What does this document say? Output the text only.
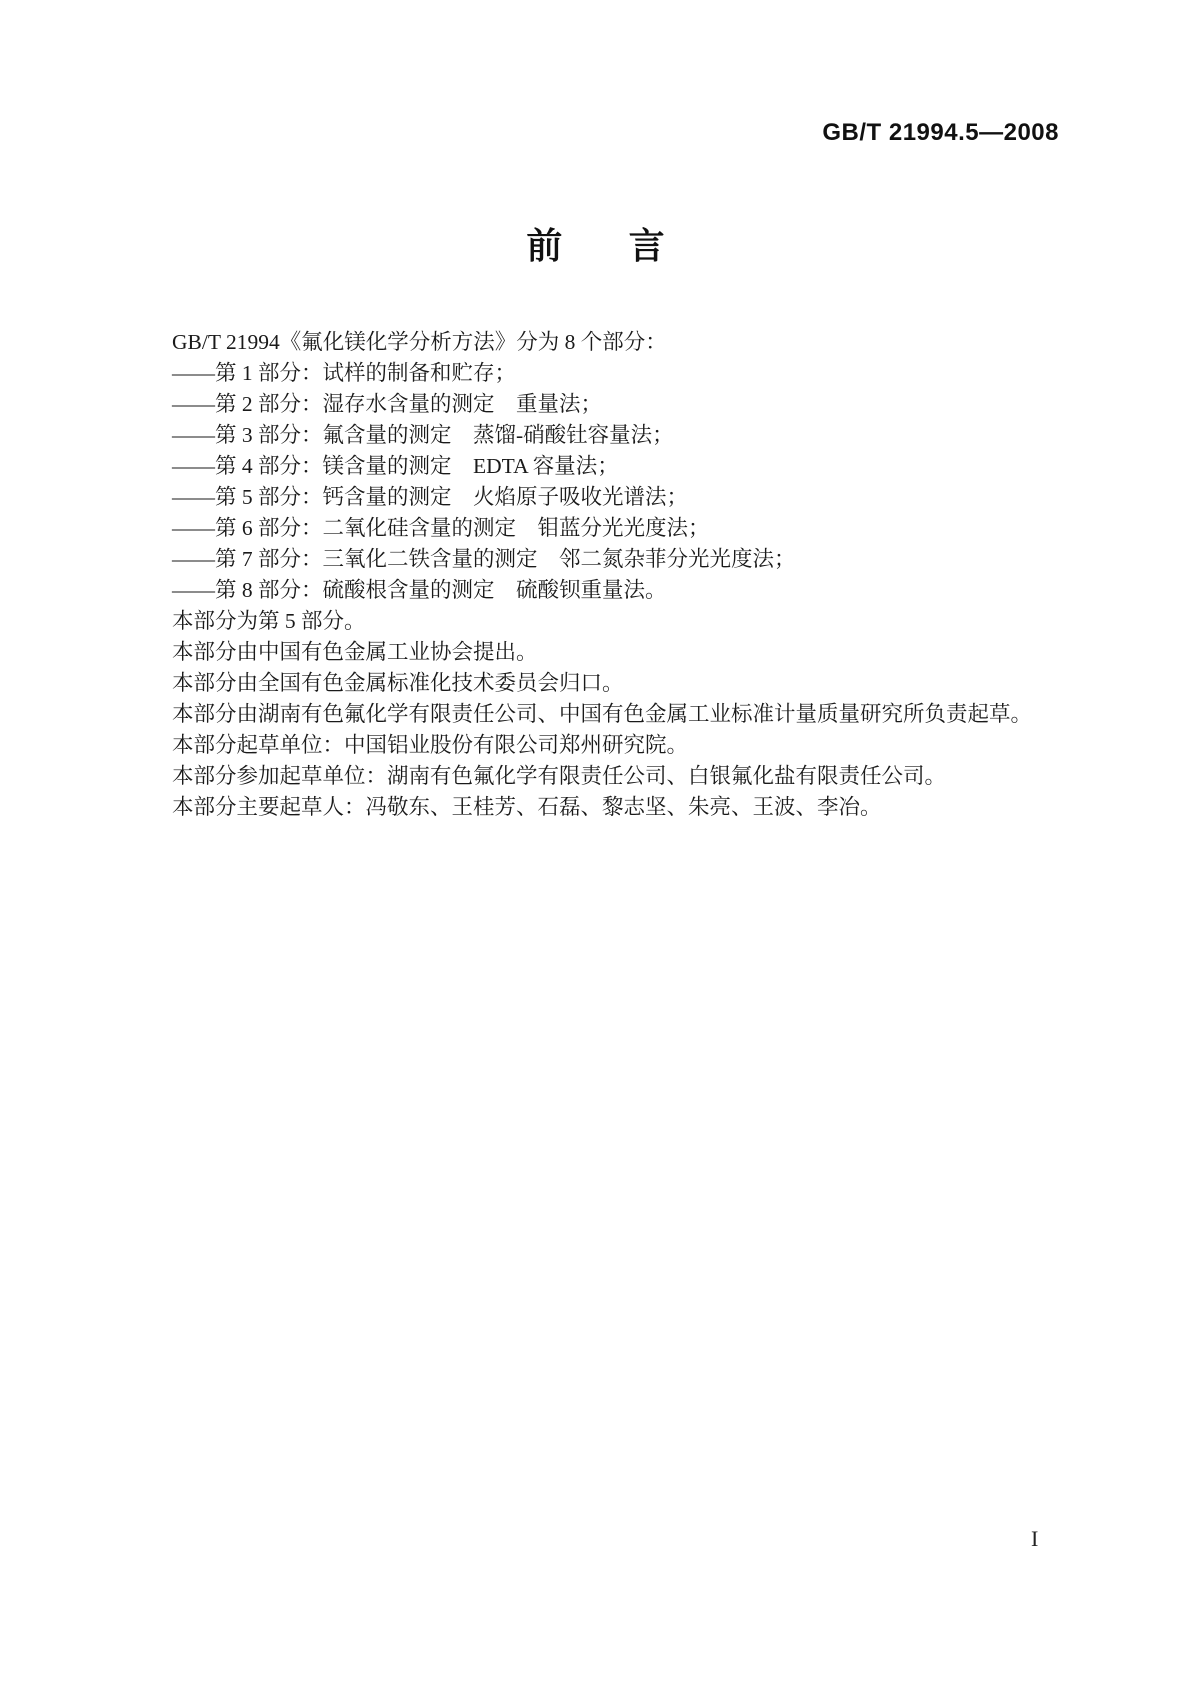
GB/T 21994.5—2008
前　言

GB/T 21994《氟化镁化学分析方法》分为 8 个部分：

——第 1 部分：试样的制备和贮存；

——第 2 部分：湿存水含量的测定　重量法；

——第 3 部分：氟含量的测定　蒸馏-硝酸钍容量法；

——第 4 部分：镁含量的测定　EDTA 容量法；

——第 5 部分：钙含量的测定　火焰原子吸收光谱法；

——第 6 部分：二氧化硅含量的测定　钼蓝分光光度法；

——第 7 部分：三氧化二铁含量的测定　邻二氮杂菲分光光度法；

——第 8 部分：硫酸根含量的测定　硫酸钡重量法。

本部分为第 5 部分。

本部分由中国有色金属工业协会提出。

本部分由全国有色金属标准化技术委员会归口。

本部分由湖南有色氟化学有限责任公司、中国有色金属工业标准计量质量研究所负责起草。

本部分起草单位：中国铝业股份有限公司郑州研究院。

本部分参加起草单位：湖南有色氟化学有限责任公司、白银氟化盐有限责任公司。

本部分主要起草人：冯敬东、王桂芳、石磊、黎志坚、朱亮、王波、李冶。

I
